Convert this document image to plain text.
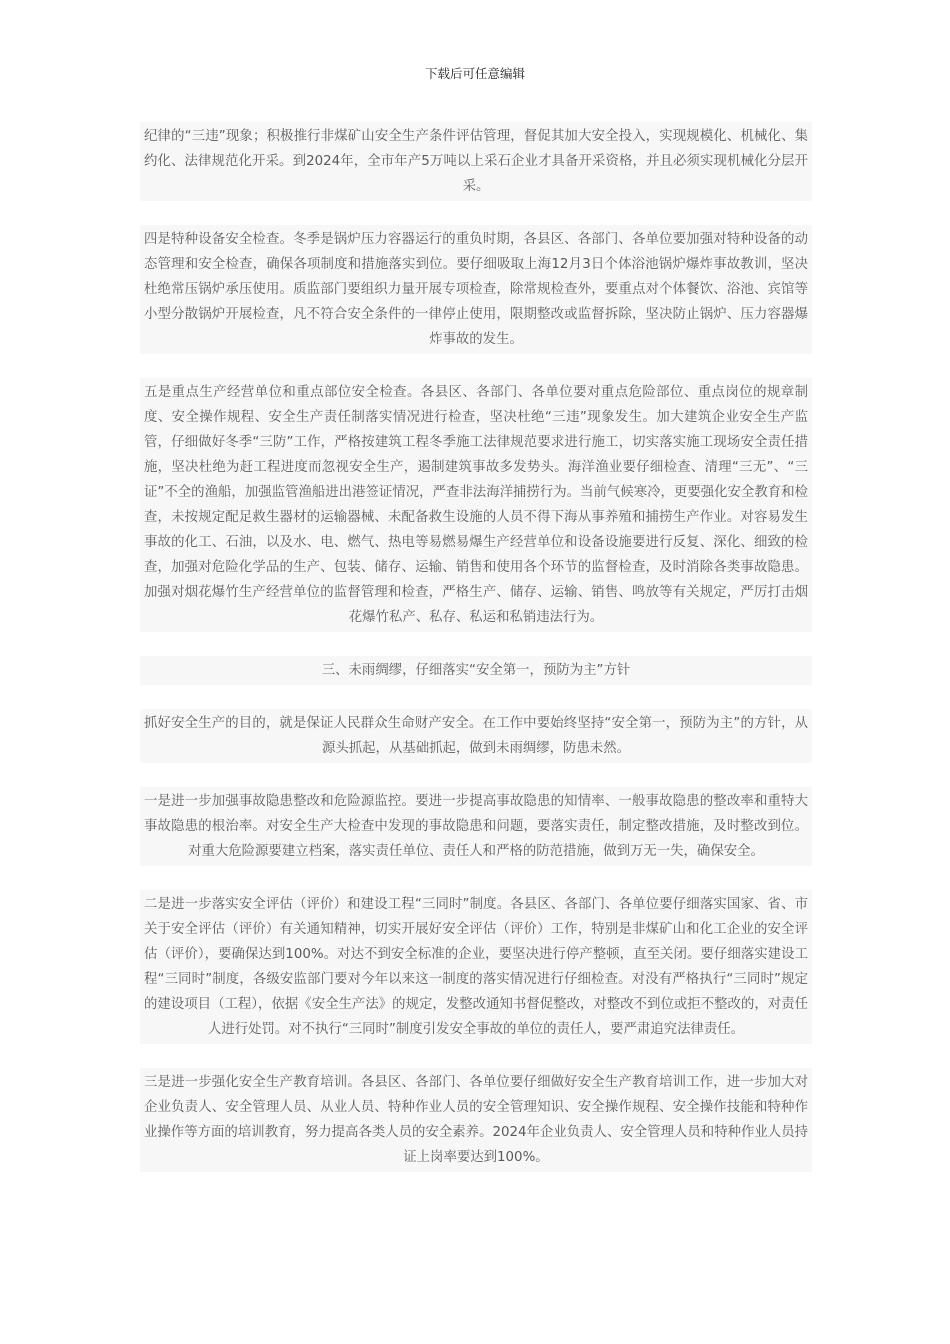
下载后可任意编辑

纪律的“三违”现象；积极推行非煤矿山安全生产条件评估管理，督促其加大安全投入，实现规模化、机械化、集约化、法律规范化开采。到2024年，全市年产5万吨以上采石企业才具备开采资格，并且必须实现机械化分层开采。

四是特种设备安全检查。冬季是锅炉压力容器运行的重负时期，各县区、各部门、各单位要加强对特种设备的动态管理和安全检查，确保各项制度和措施落实到位。要仔细吸取上海12月3日个体浴池锅炉爆炸事故教训，坚决杜绝常压锅炉承压使用。质监部门要组织力量开展专项检查，除常规检查外，要重点对个体餐饮、浴池、宾馆等小型分散锅炉开展检查，凡不符合安全条件的一律停止使用，限期整改或监督拆除，坚决防止锅炉、压力容器爆炸事故的发生。

五是重点生产经营单位和重点部位安全检查。各县区、各部门、各单位要对重点危险部位、重点岗位的规章制度、安全操作规程、安全生产责任制落实情况进行检查，坚决杜绝“三违”现象发生。加大建筑企业安全生产监管，仔细做好冬季“三防”工作，严格按建筑工程冬季施工法律规范要求进行施工，切实落实施工现场安全责任措施，坚决杜绝为赶工程进度而忽视安全生产，遏制建筑事故多发势头。海洋渔业要仔细检查、清理“三无”、“三证”不全的渔船，加强监管渔船进出港签证情况，严查非法海洋捕捞行为。当前气候寒冷，更要强化安全教育和检查，未按规定配足救生器材的运输器械、未配备救生设施的人员不得下海从事养殖和捕捞生产作业。对容易发生事故的化工、石油，以及水、电、燃气、热电等易燃易爆生产经营单位和设备设施要进行反复、深化、细致的检查，加强对危险化学品的生产、包装、储存、运输、销售和使用各个环节的监督检查，及时消除各类事故隐患。加强对烟花爆竹生产经营单位的监督管理和检查，严格生产、储存、运输、销售、鸣放等有关规定，严厉打击烟花爆竹私产、私存、私运和私销违法行为。

三、未雨绸缪，仔细落实“安全第一，预防为主”方针

抓好安全生产的目的，就是保证人民群众生命财产安全。在工作中要始终坚持“安全第一，预防为主”的方针，从源头抓起，从基础抓起，做到未雨绸缪，防患未然。

一是进一步加强事故隐患整改和危险源监控。要进一步提高事故隐患的知情率、一般事故隐患的整改率和重特大事故隐患的根治率。对安全生产大检查中发现的事故隐患和问题，要落实责任，制定整改措施，及时整改到位。对重大危险源要建立档案，落实责任单位、责任人和严格的防范措施，做到万无一失，确保安全。

二是进一步落实安全评估（评价）和建设工程“三同时”制度。各县区、各部门、各单位要仔细落实国家、省、市关于安全评估（评价）有关通知精神，切实开展好安全评估（评价）工作，特别是非煤矿山和化工企业的安全评估（评价），要确保达到100%。对达不到安全标准的企业，要坚决进行停产整顿，直至关闭。要仔细落实建设工程“三同时”制度，各级安监部门要对今年以来这一制度的落实情况进行仔细检查。对没有严格执行“三同时”规定的建设项目（工程），依据《安全生产法》的规定，发整改通知书督促整改，对整改不到位或拒不整改的，对责任人进行处罚。对不执行“三同时”制度引发安全事故的单位的责任人，要严肃追究法律责任。

三是进一步强化安全生产教育培训。各县区、各部门、各单位要仔细做好安全生产教育培训工作，进一步加大对企业负责人、安全管理人员、从业人员、特种作业人员的安全管理知识、安全操作规程、安全操作技能和特种作业操作等方面的培训教育，努力提高各类人员的安全素养。2024年企业负责人、安全管理人员和特种作业人员持证上岗率要达到100%。
